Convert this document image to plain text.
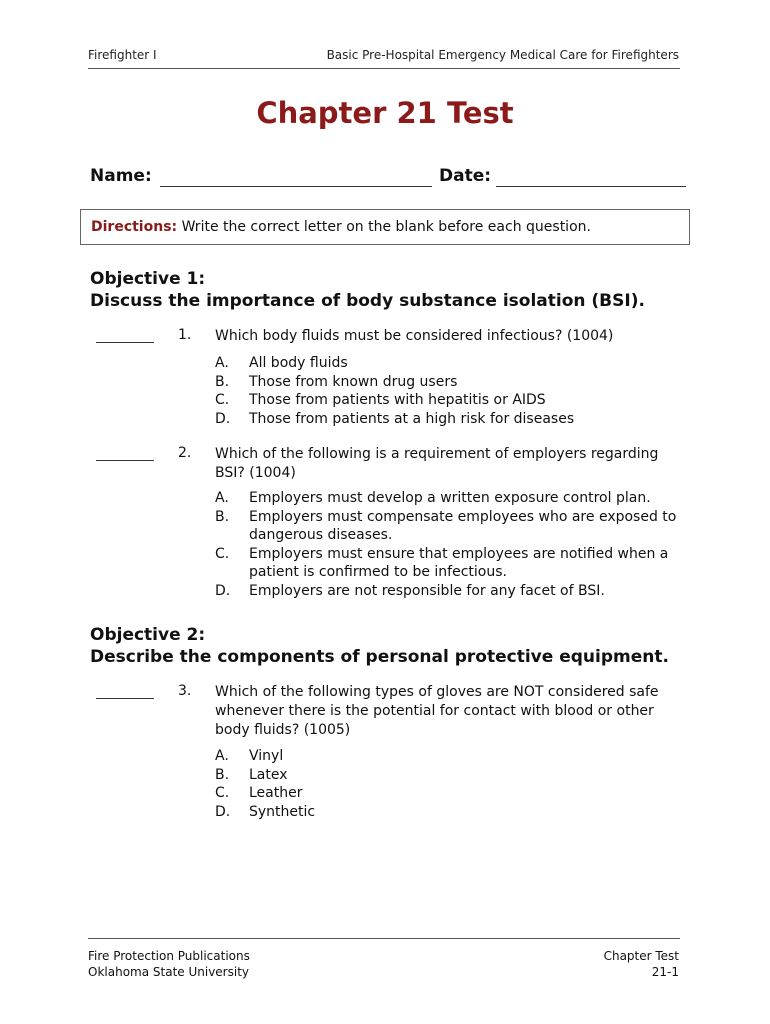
Firefighter I	Basic Pre-Hospital Emergency Medical Care for Firefighters
Chapter 21 Test
Name:	Date:
Directions: Write the correct letter on the blank before each question.
Objective 1:
Discuss the importance of body substance isolation (BSI).
1. Which body fluids must be considered infectious? (1004)
A.	All body fluids
B.	Those from known drug users
C.	Those from patients with hepatitis or AIDS
D.	Those from patients at a high risk for diseases
2. Which of the following is a requirement of employers regarding BSI? (1004)
A.	Employers must develop a written exposure control plan.
B.	Employers must compensate employees who are exposed to dangerous diseases.
C.	Employers must ensure that employees are notified when a patient is confirmed to be infectious.
D.	Employers are not responsible for any facet of BSI.
Objective 2:
Describe the components of personal protective equipment.
3. Which of the following types of gloves are NOT considered safe whenever there is the potential for contact with blood or other body fluids? (1005)
A.	Vinyl
B.	Latex
C.	Leather
D.	Synthetic
Fire Protection Publications
Oklahoma State University
Chapter Test
21-1
